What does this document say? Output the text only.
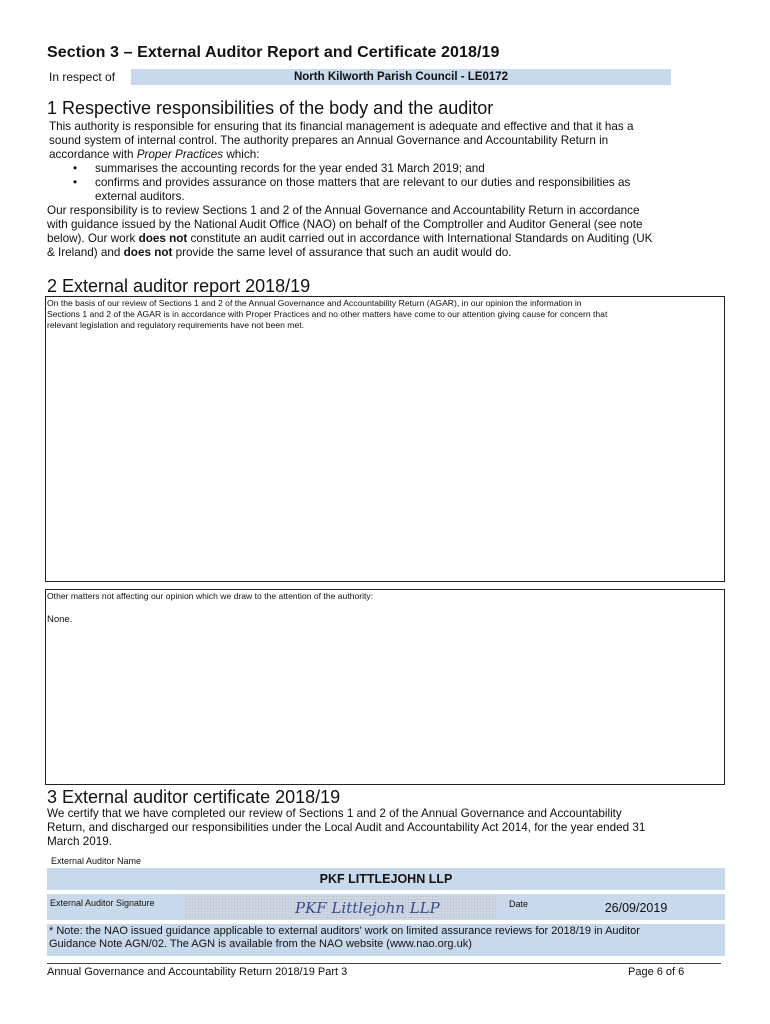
Section 3 – External Auditor Report and Certificate 2018/19
In respect of	North Kilworth Parish Council - LE0172
1 Respective responsibilities of the body and the auditor
This authority is responsible for ensuring that its financial management is adequate and effective and that it has a
sound system of internal control. The authority prepares an Annual Governance and Accountability Return in
accordance with Proper Practices which:
• summarises the accounting records for the year ended 31 March 2019; and
• confirms and provides assurance on those matters that are relevant to our duties and responsibilities as
external auditors.
Our responsibility is to review Sections 1 and 2 of the Annual Governance and Accountability Return in accordance
with guidance issued by the National Audit Office (NAO) on behalf of the Comptroller and Auditor General (see note
below). Our work does not constitute an audit carried out in accordance with International Standards on Auditing (UK
& Ireland) and does not provide the same level of assurance that such an audit would do.
2 External auditor report 2018/19
On the basis of our review of Sections 1 and 2 of the Annual Governance and Accountability Return (AGAR), in our opinion the information in
Sections 1 and 2 of the AGAR is in accordance with Proper Practices and no other matters have come to our attention giving cause for concern that
relevant legislation and regulatory requirements have not been met.
Other matters not affecting our opinion which we draw to the attention of the authority:
None.
3 External auditor certificate 2018/19
We certify that we have completed our review of Sections 1 and 2 of the Annual Governance and Accountability
Return, and discharged our responsibilities under the Local Audit and Accountability Act 2014, for the year ended 31
March 2019.
External Auditor Name
PKF LITTLEJOHN LLP
External Auditor Signature	PKF Littlejohn LLP	Date	26/09/2019
* Note: the NAO issued guidance applicable to external auditors' work on limited assurance reviews for 2018/19 in Auditor
Guidance Note AGN/02. The AGN is available from the NAO website (www.nao.org.uk)
Annual Governance and Accountability Return 2018/19 Part 3	Page 6 of 6
